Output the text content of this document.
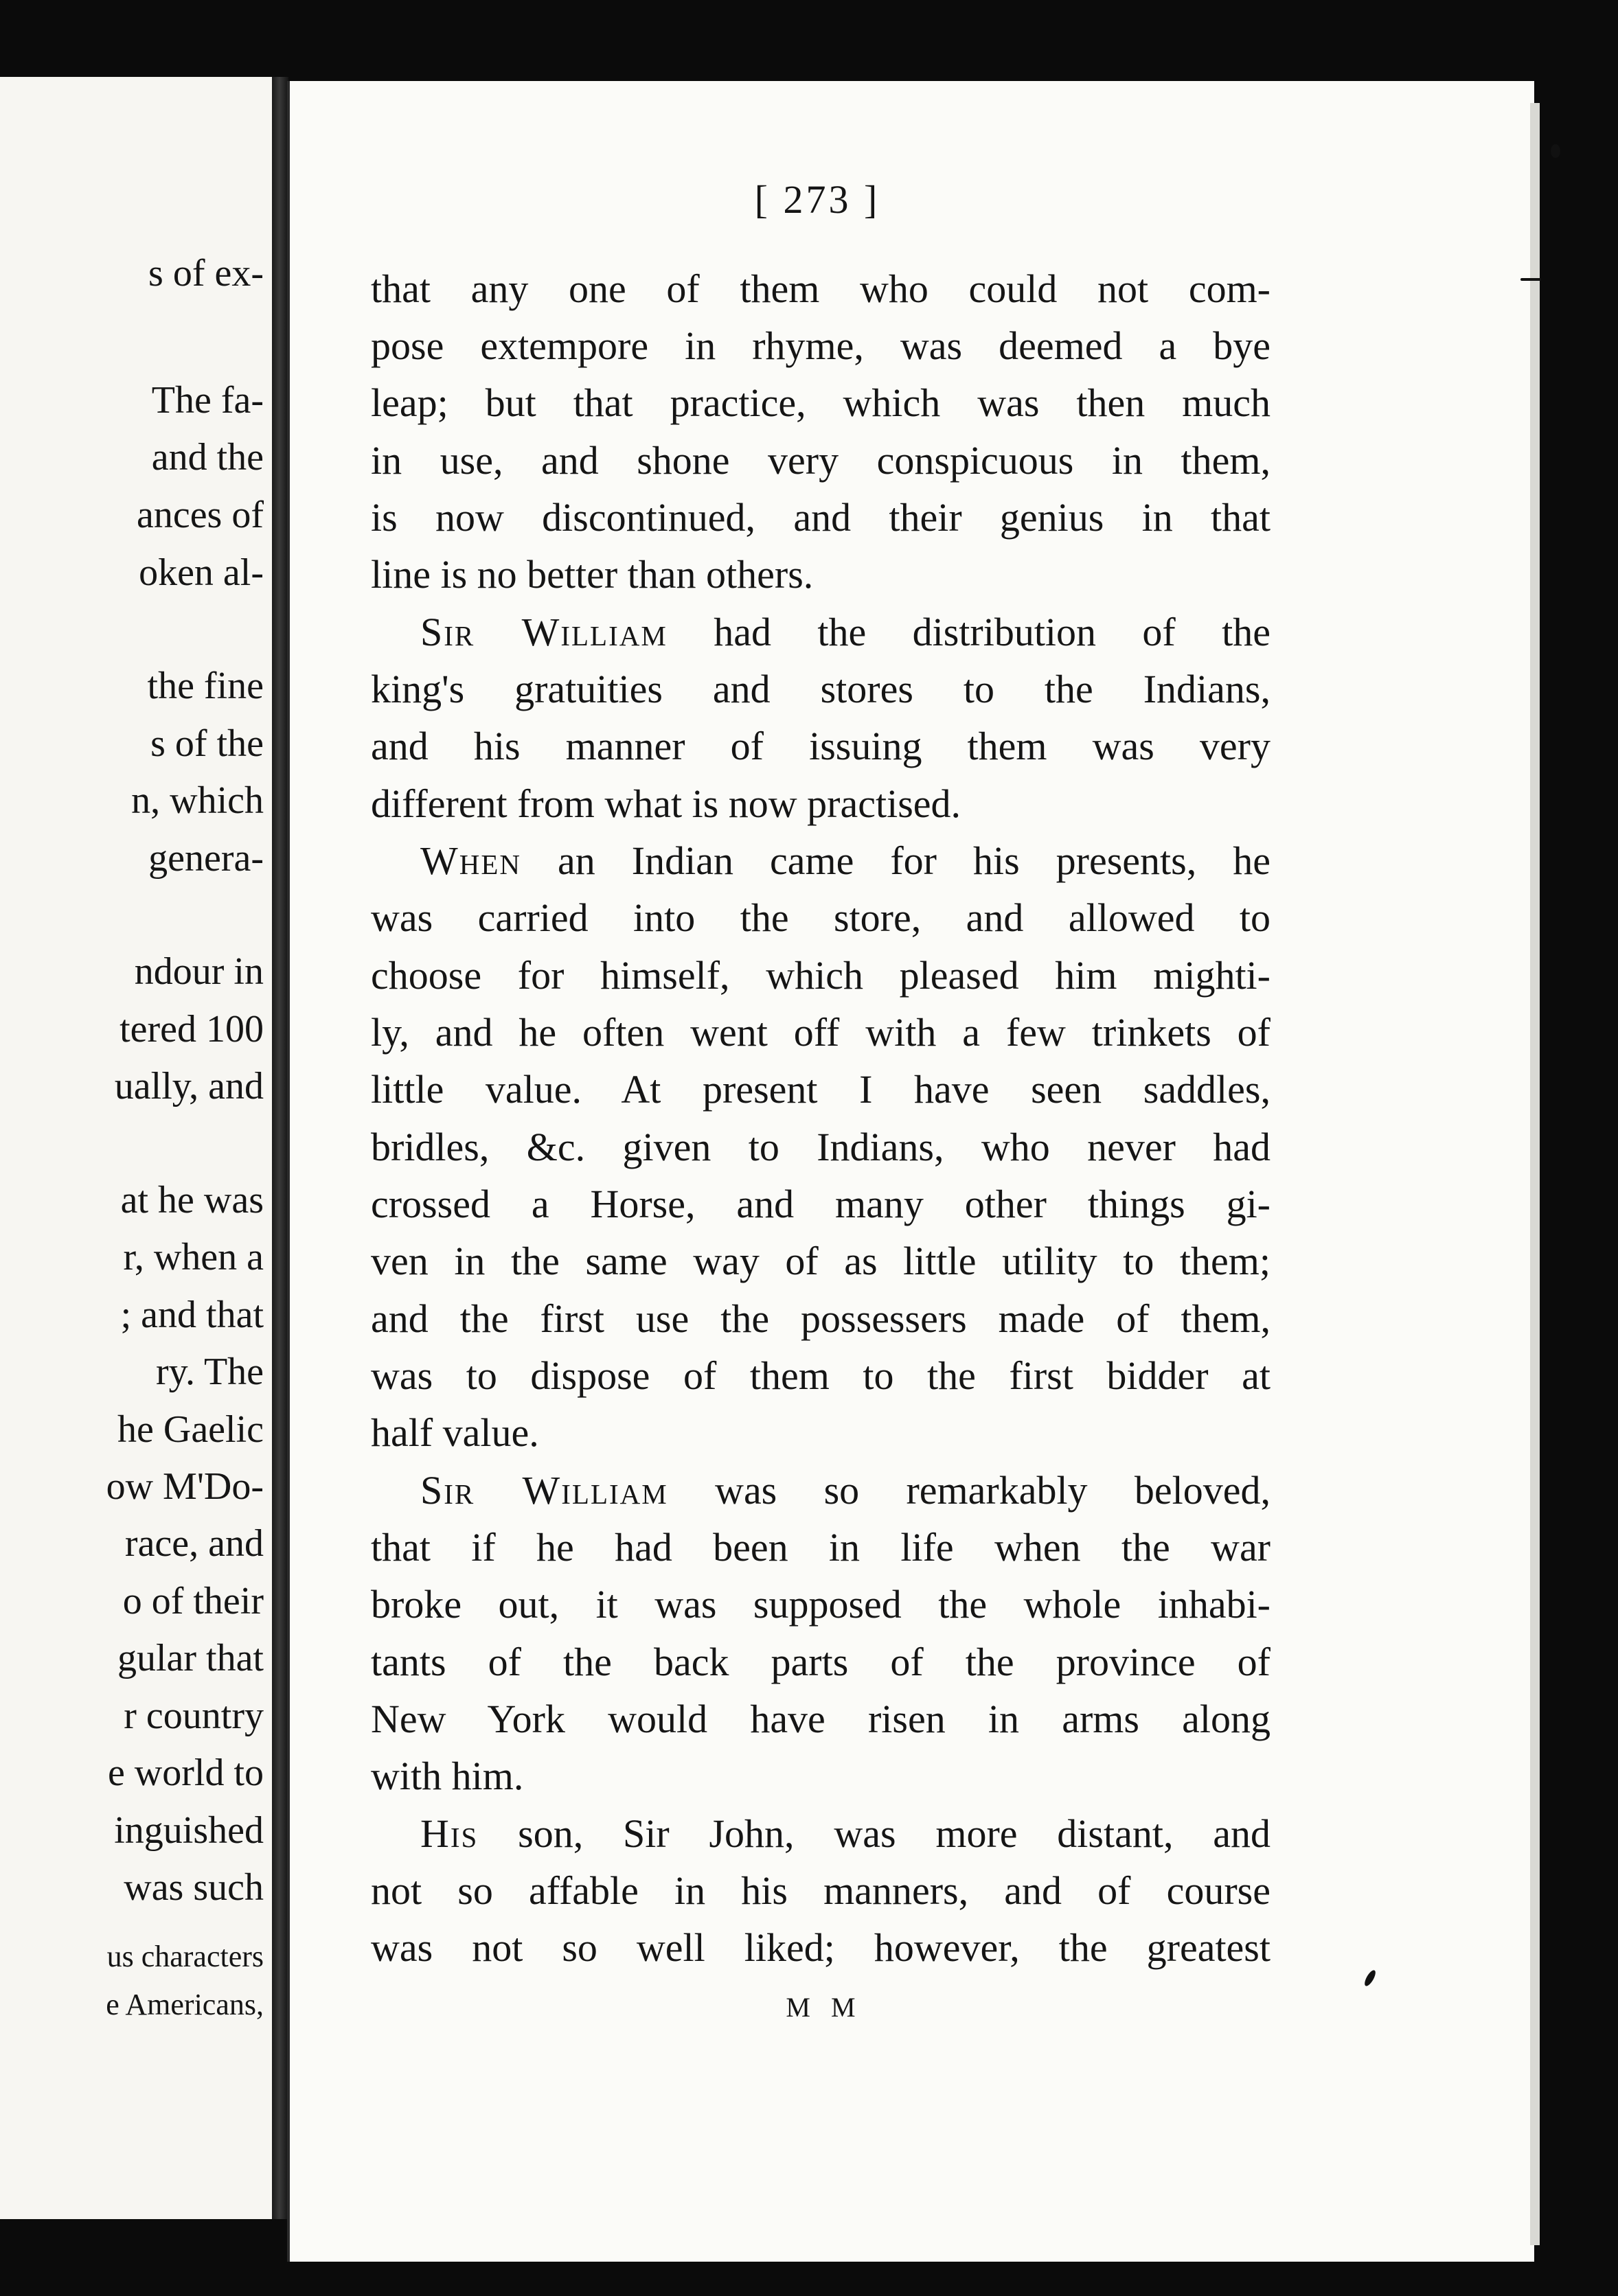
s of ex-
The fa-
and the
ances of
oken al-
the fine
s of the
n, which
genera-
ndour in
tered 100
ually, and
at he was
r, when a
; and that
ry. The
he Gaelic
ow M'Do-
race, and
o of their
gular that
r country
e world to
inguished
was such
us characters
e Americans,
[ 273 ]
that any one of them who could not com-
pose extempore in rhyme, was deemed a bye
leap; but that practice, which was then much
in use, and shone very conspicuous in them,
is now discontinued, and their genius in that
line is no better than others.
Sir William had the distribution of the
king's gratuities and stores to the Indians,
and his manner of issuing them was very
different from what is now practised.
When an Indian came for his presents, he
was carried into the store, and allowed to
choose for himself, which pleased him mighti-
ly, and he often went off with a few trinkets of
little value. At present I have seen saddles,
bridles, &c. given to Indians, who never had
crossed a Horse, and many other things gi-
ven in the same way of as little utility to them;
and the first use the possessers made of them,
was to dispose of them to the first bidder at
half value.
Sir William was so remarkably beloved,
that if he had been in life when the war
broke out, it was supposed the whole inhabi-
tants of the back parts of the province of
New York would have risen in arms along
with him.
His son, Sir John, was more distant, and
not so affable in his manners, and of course
was not so well liked; however, the greatest
M M
